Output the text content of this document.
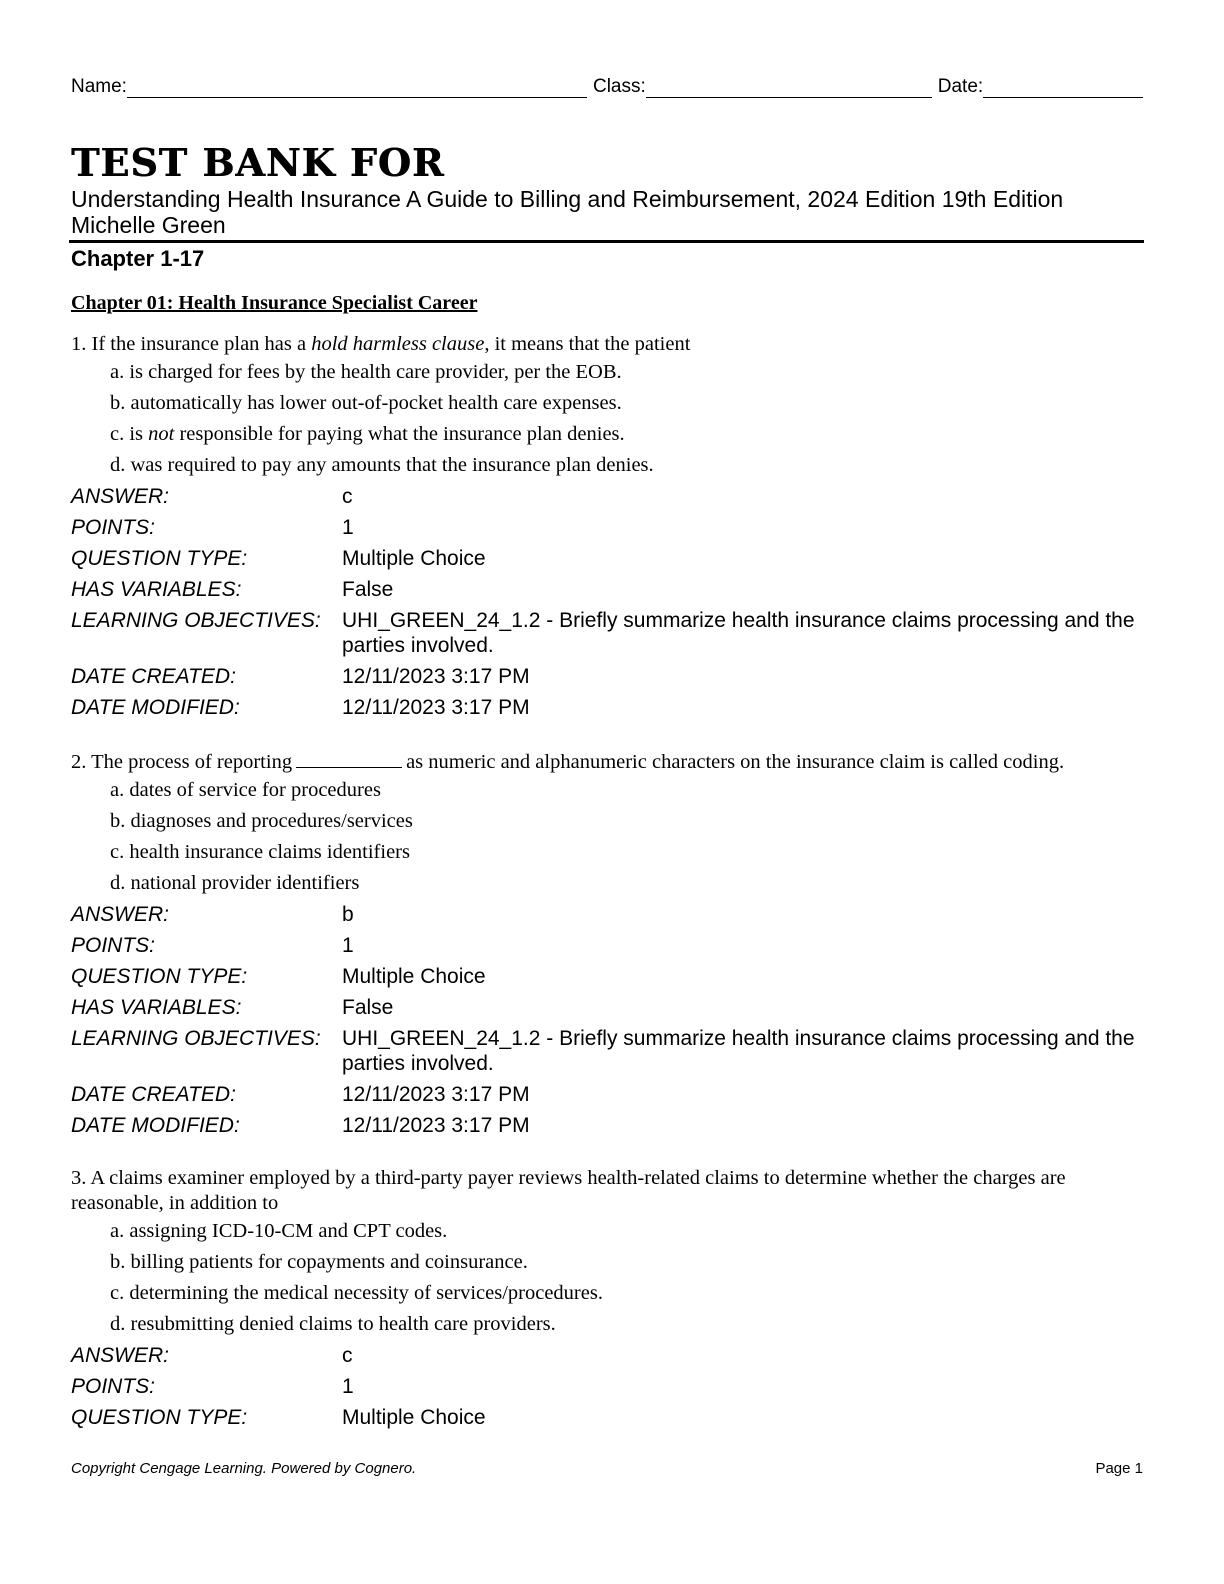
Name:	Class:	Date:
TEST BANK FOR
Understanding Health Insurance A Guide to Billing and Reimbursement, 2024 Edition 19th Edition Michelle Green
Chapter 1-17
Chapter 01: Health Insurance Specialist Career

1. If the insurance plan has a hold harmless clause, it means that the patient

a. is charged for fees by the health care provider, per the EOB.
b. automatically has lower out-of-pocket health care expenses.
c. is not responsible for paying what the insurance plan denies.
d. was required to pay any amounts that the insurance plan denies.
ANSWER:	c
POINTS:	1
QUESTION TYPE:	Multiple Choice
HAS VARIABLES:	False
LEARNING OBJECTIVES:	UHI_GREEN_24_1.2 - Briefly summarize health insurance claims processing and the parties involved.
DATE CREATED:	12/11/2023 3:17 PM
DATE MODIFIED:	12/11/2023 3:17 PM

2. The process of reporting	as numeric and alphanumeric characters on the insurance claim is called coding.

a. dates of service for procedures
b. diagnoses and procedures/services
c. health insurance claims identifiers
d. national provider identifiers
ANSWER:	b
POINTS:	1
QUESTION TYPE:	Multiple Choice
HAS VARIABLES:	False
LEARNING OBJECTIVES:	UHI_GREEN_24_1.2 - Briefly summarize health insurance claims processing and the parties involved.
DATE CREATED:	12/11/2023 3:17 PM
DATE MODIFIED:	12/11/2023 3:17 PM

3. A claims examiner employed by a third-party payer reviews health-related claims to determine whether the charges are reasonable, in addition to

a. assigning ICD-10-CM and CPT codes.
b. billing patients for copayments and coinsurance.
c. determining the medical necessity of services/procedures.
d. resubmitting denied claims to health care providers.
ANSWER:	c
POINTS:	1
QUESTION TYPE:	Multiple Choice
Copyright Cengage Learning. Powered by Cognero.	Page 1
